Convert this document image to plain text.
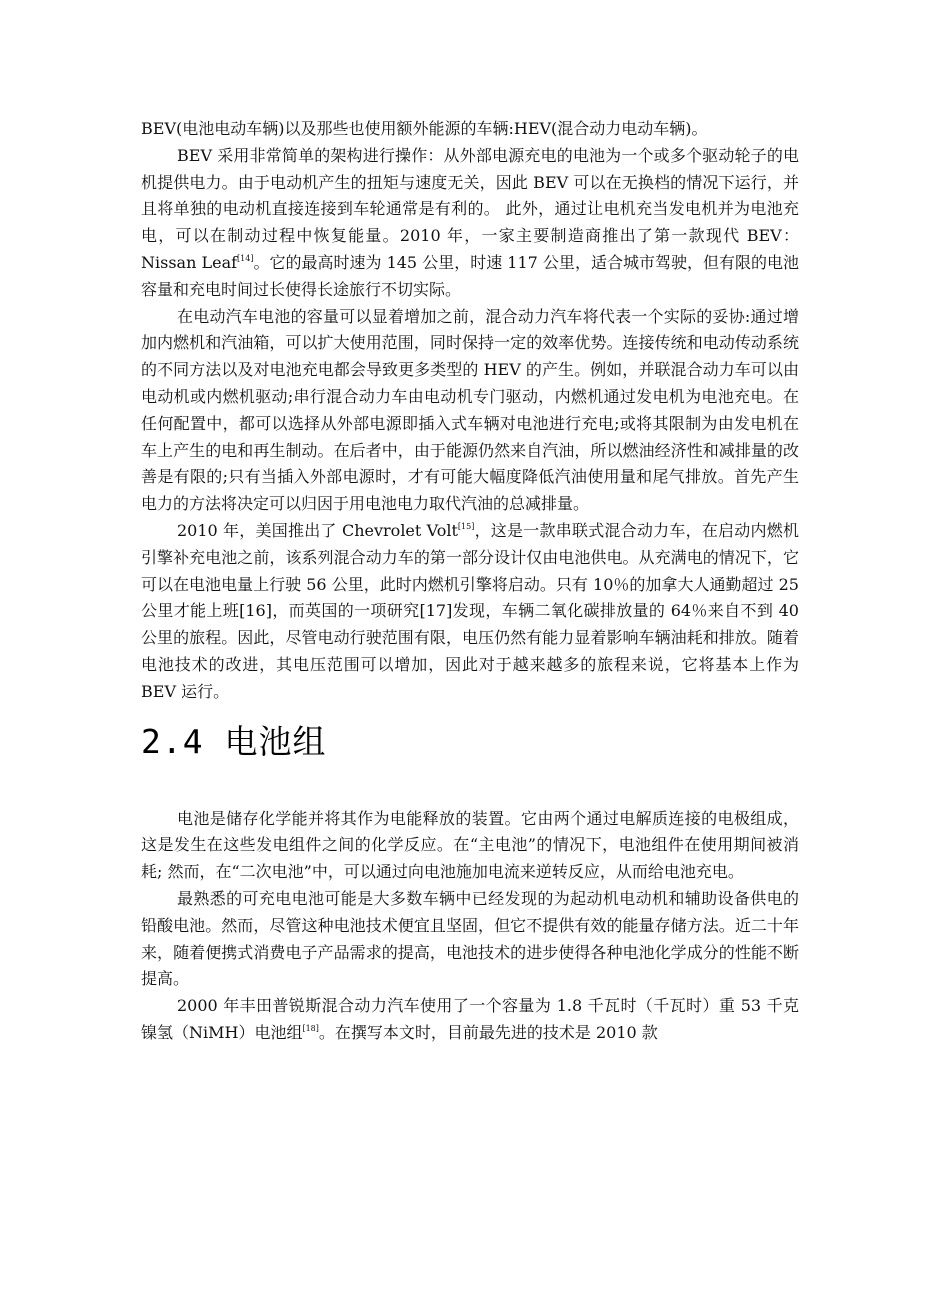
BEV(电池电动车辆)以及那些也使用额外能源的车辆:HEV(混合动力电动车辆)。

BEV 采用非常简单的架构进行操作：从外部电源充电的电池为一个或多个驱动轮子的电机提供电力。由于电动机产生的扭矩与速度无关，因此 BEV 可以在无换档的情况下运行，并且将单独的电动机直接连接到车轮通常是有利的。 此外，通过让电机充当发电机并为电池充电，可以在制动过程中恢复能量。2010 年，一家主要制造商推出了第一款现代 BEV：Nissan Leaf[14]。它的最高时速为 145 公里，时速 117 公里，适合城市驾驶，但有限的电池容量和充电时间过长使得长途旅行不切实际。

在电动汽车电池的容量可以显着增加之前，混合动力汽车将代表一个实际的妥协:通过增加内燃机和汽油箱，可以扩大使用范围，同时保持一定的效率优势。连接传统和电动传动系统的不同方法以及对电池充电都会导致更多类型的 HEV 的产生。例如，并联混合动力车可以由电动机或内燃机驱动;串行混合动力车由电动机专门驱动，内燃机通过发电机为电池充电。在任何配置中，都可以选择从外部电源即插入式车辆对电池进行充电;或将其限制为由发电机在车上产生的电和再生制动。在后者中，由于能源仍然来自汽油，所以燃油经济性和减排量的改善是有限的;只有当插入外部电源时，才有可能大幅度降低汽油使用量和尾气排放。首先产生电力的方法将决定可以归因于用电池电力取代汽油的总减排量。

2010 年，美国推出了 Chevrolet Volt[15]，这是一款串联式混合动力车，在启动内燃机引擎补充电池之前，该系列混合动力车的第一部分设计仅由电池供电。从充满电的情况下，它可以在电池电量上行驶 56 公里，此时内燃机引擎将启动。只有 10％的加拿大人通勤超过 25 公里才能上班[16]，而英国的一项研究[17]发现，车辆二氧化碳排放量的 64％来自不到 40 公里的旅程。因此，尽管电动行驶范围有限，电压仍然有能力显着影响车辆油耗和排放。随着电池技术的改进，其电压范围可以增加，因此对于越来越多的旅程来说，它将基本上作为 BEV 运行。

2.4 电池组

电池是储存化学能并将其作为电能释放的装置。它由两个通过电解质连接的电极组成，这是发生在这些发电组件之间的化学反应。在“主电池”的情况下，电池组件在使用期间被消耗; 然而，在“二次电池”中，可以通过向电池施加电流来逆转反应，从而给电池充电。

最熟悉的可充电电池可能是大多数车辆中已经发现的为起动机电动机和辅助设备供电的铅酸电池。然而，尽管这种电池技术便宜且坚固，但它不提供有效的能量存储方法。近二十年来，随着便携式消费电子产品需求的提高，电池技术的进步使得各种电池化学成分的性能不断提高。

2000 年丰田普锐斯混合动力汽车使用了一个容量为 1.8 千瓦时（千瓦时）重 53 千克镍氢（NiMH）电池组[18]。在撰写本文时，目前最先进的技术是 2010 款
